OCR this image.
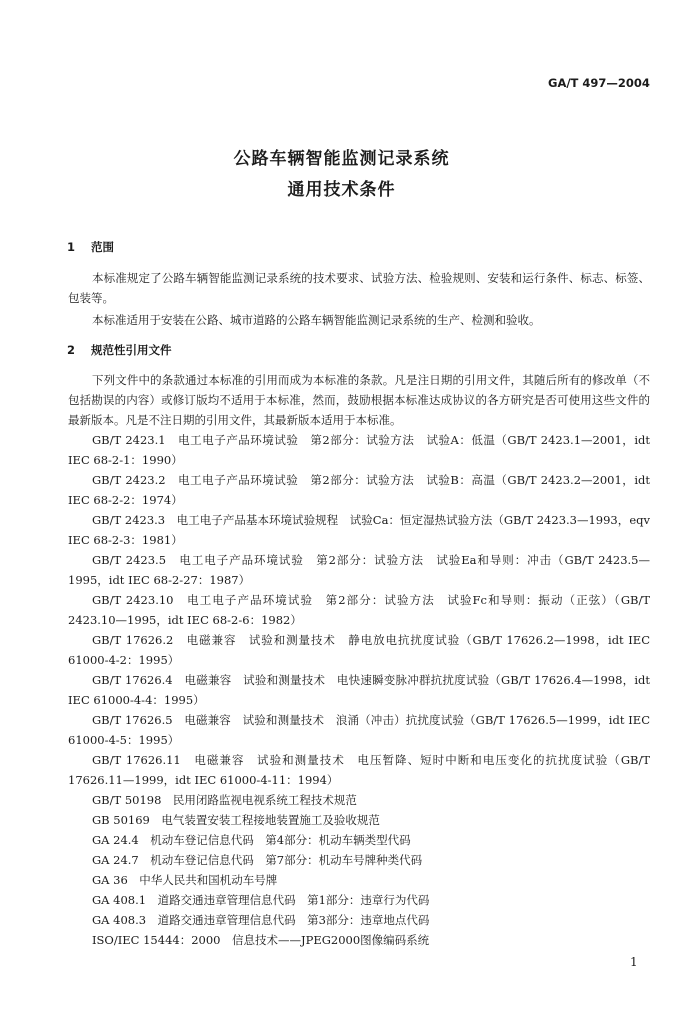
GA/T 497—2004
公路车辆智能监测记录系统
通用技术条件
1 范围

本标准规定了公路车辆智能监测记录系统的技术要求、试验方法、检验规则、安装和运行条件、标志、标签、包装等。

本标准适用于安装在公路、城市道路的公路车辆智能监测记录系统的生产、检测和验收。

2 规范性引用文件

下列文件中的条款通过本标准的引用而成为本标准的条款。凡是注日期的引用文件，其随后所有的修改单（不包括勘误的内容）或修订版均不适用于本标准，然而，鼓励根据本标准达成协议的各方研究是否可使用这些文件的最新版本。凡是不注日期的引用文件，其最新版本适用于本标准。

GB/T 2423.1　电工电子产品环境试验　第2部分：试验方法　试验A：低温（GB/T 2423.1—2001，idt IEC 68-2-1：1990）
GB/T 2423.2　电工电子产品环境试验　第2部分：试验方法　试验B：高温（GB/T 2423.2—2001，idt IEC 68-2-2：1974）
GB/T 2423.3　电工电子产品基本环境试验规程　试验Ca：恒定湿热试验方法（GB/T 2423.3—1993，eqv IEC 68-2-3：1981）
GB/T 2423.5　电工电子产品环境试验　第2部分：试验方法　试验Ea和导则：冲击（GB/T 2423.5—1995，idt IEC 68-2-27：1987）
GB/T 2423.10　电工电子产品环境试验　第2部分：试验方法　试验Fc和导则：振动（正弦）（GB/T 2423.10—1995，idt IEC 68-2-6：1982）
GB/T 17626.2　电磁兼容　试验和测量技术　静电放电抗扰度试验（GB/T 17626.2—1998，idt IEC 61000-4-2：1995）
GB/T 17626.4　电磁兼容　试验和测量技术　电快速瞬变脉冲群抗扰度试验（GB/T 17626.4—1998，idt IEC 61000-4-4：1995）
GB/T 17626.5　电磁兼容　试验和测量技术　浪涌（冲击）抗扰度试验（GB/T 17626.5—1999，idt IEC 61000-4-5：1995）
GB/T 17626.11　电磁兼容　试验和测量技术　电压暂降、短时中断和电压变化的抗扰度试验（GB/T 17626.11—1999，idt IEC 61000-4-11：1994）
GB/T 50198　民用闭路监视电视系统工程技术规范
GB 50169　电气装置安装工程接地装置施工及验收规范
GA 24.4　机动车登记信息代码　第4部分：机动车辆类型代码
GA 24.7　机动车登记信息代码　第7部分：机动车号牌种类代码
GA 36　中华人民共和国机动车号牌
GA 408.1　道路交通违章管理信息代码　第1部分：违章行为代码
GA 408.3　道路交通违章管理信息代码　第3部分：违章地点代码
ISO/IEC 15444：2000　信息技术——JPEG2000图像编码系统
1
